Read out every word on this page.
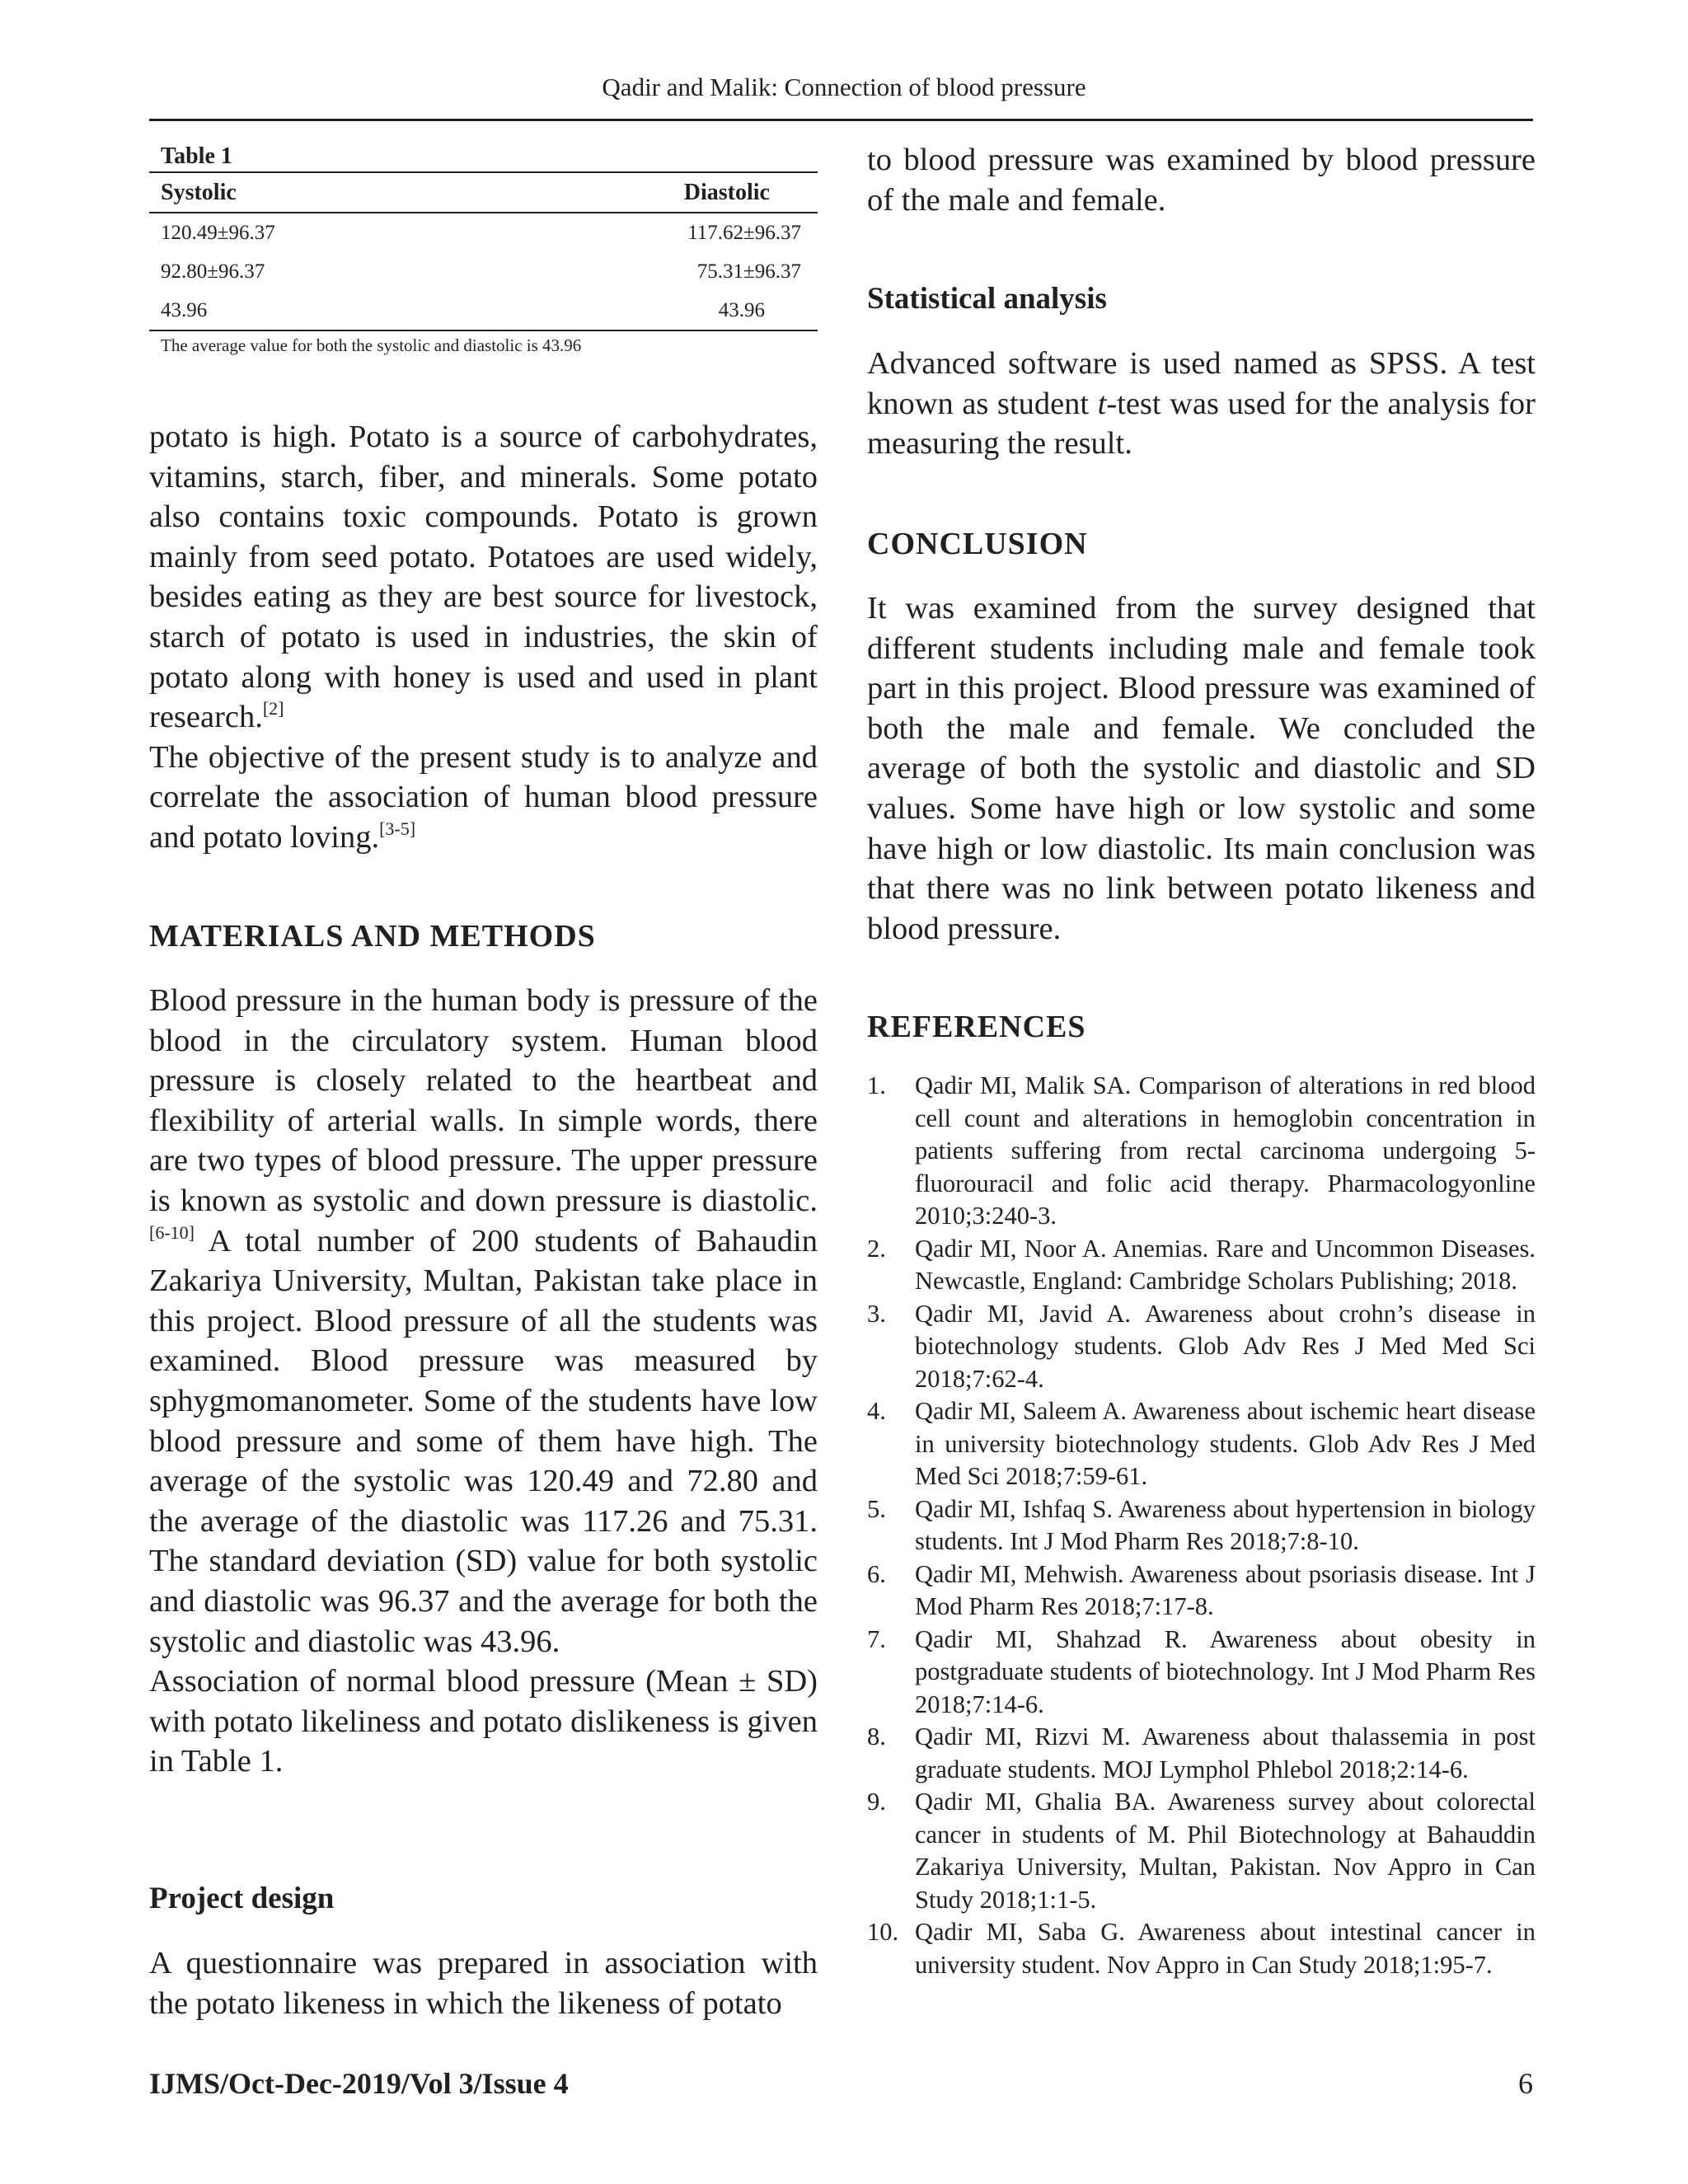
Qadir and Malik: Connection of blood pressure
Table 1
Systolic	Diastolic
120.49±96.37	117.62±96.37
92.80±96.37	75.31±96.37
43.96	43.96
The average value for both the systolic and diastolic is 43.96

potato is high. Potato is a source of carbohydrates, vitamins, starch, fiber, and minerals. Some potato also contains toxic compounds. Potato is grown mainly from seed potato. Potatoes are used widely, besides eating as they are best source for livestock, starch of potato is used in industries, the skin of potato along with honey is used and used in plant research.[2]

The objective of the present study is to analyze and correlate the association of human blood pressure and potato loving.[3-5]

MATERIALS AND METHODS

Blood pressure in the human body is pressure of the blood in the circulatory system. Human blood pressure is closely related to the heartbeat and flexibility of arterial walls. In simple words, there are two types of blood pressure. The upper pressure is known as systolic and down pressure is diastolic.[6-10] A total number of 200 students of Bahaudin Zakariya University, Multan, Pakistan take place in this project. Blood pressure of all the students was examined. Blood pressure was measured by sphygmomanometer. Some of the students have low blood pressure and some of them have high. The average of the systolic was 120.49 and 72.80 and the average of the diastolic was 117.26 and 75.31. The standard deviation (SD) value for both systolic and diastolic was 96.37 and the average for both the systolic and diastolic was 43.96.

Association of normal blood pressure (Mean ± SD) with potato likeliness and potato dislikeness is given in Table 1.

Project design

A questionnaire was prepared in association with the potato likeness in which the likeness of potato

to blood pressure was examined by blood pressure of the male and female.

Statistical analysis

Advanced software is used named as SPSS. A test known as student t-test was used for the analysis for measuring the result.

CONCLUSION

It was examined from the survey designed that different students including male and female took part in this project. Blood pressure was examined of both the male and female. We concluded the average of both the systolic and diastolic and SD values. Some have high or low systolic and some have high or low diastolic. Its main conclusion was that there was no link between potato likeness and blood pressure.

REFERENCES
1.	Qadir MI, Malik SA. Comparison of alterations in red blood cell count and alterations in hemoglobin concentration in patients suffering from rectal carcinoma undergoing 5-fluorouracil and folic acid therapy. Pharmacologyonline 2010;3:240-3.
2.	Qadir MI, Noor A. Anemias. Rare and Uncommon Diseases. Newcastle, England: Cambridge Scholars Publishing; 2018.
3.	Qadir MI, Javid A. Awareness about crohn’s disease in biotechnology students. Glob Adv Res J Med Med Sci 2018;7:62-4.
4.	Qadir MI, Saleem A. Awareness about ischemic heart disease in university biotechnology students. Glob Adv Res J Med Med Sci 2018;7:59-61.
5.	Qadir MI, Ishfaq S. Awareness about hypertension in biology students. Int J Mod Pharm Res 2018;7:8-10.
6.	Qadir MI, Mehwish. Awareness about psoriasis disease. Int J Mod Pharm Res 2018;7:17-8.
7.	Qadir MI, Shahzad R. Awareness about obesity in postgraduate students of biotechnology. Int J Mod Pharm Res 2018;7:14-6.
8.	Qadir MI, Rizvi M. Awareness about thalassemia in post graduate students. MOJ Lymphol Phlebol 2018;2:14-6.
9.	Qadir MI, Ghalia BA. Awareness survey about colorectal cancer in students of M. Phil Biotechnology at Bahauddin Zakariya University, Multan, Pakistan. Nov Appro in Can Study 2018;1:1-5.
10. Qadir MI, Saba G. Awareness about intestinal cancer in university student. Nov Appro in Can Study 2018;1:95-7.
IJMS/Oct-Dec-2019/Vol 3/Issue 4	6
